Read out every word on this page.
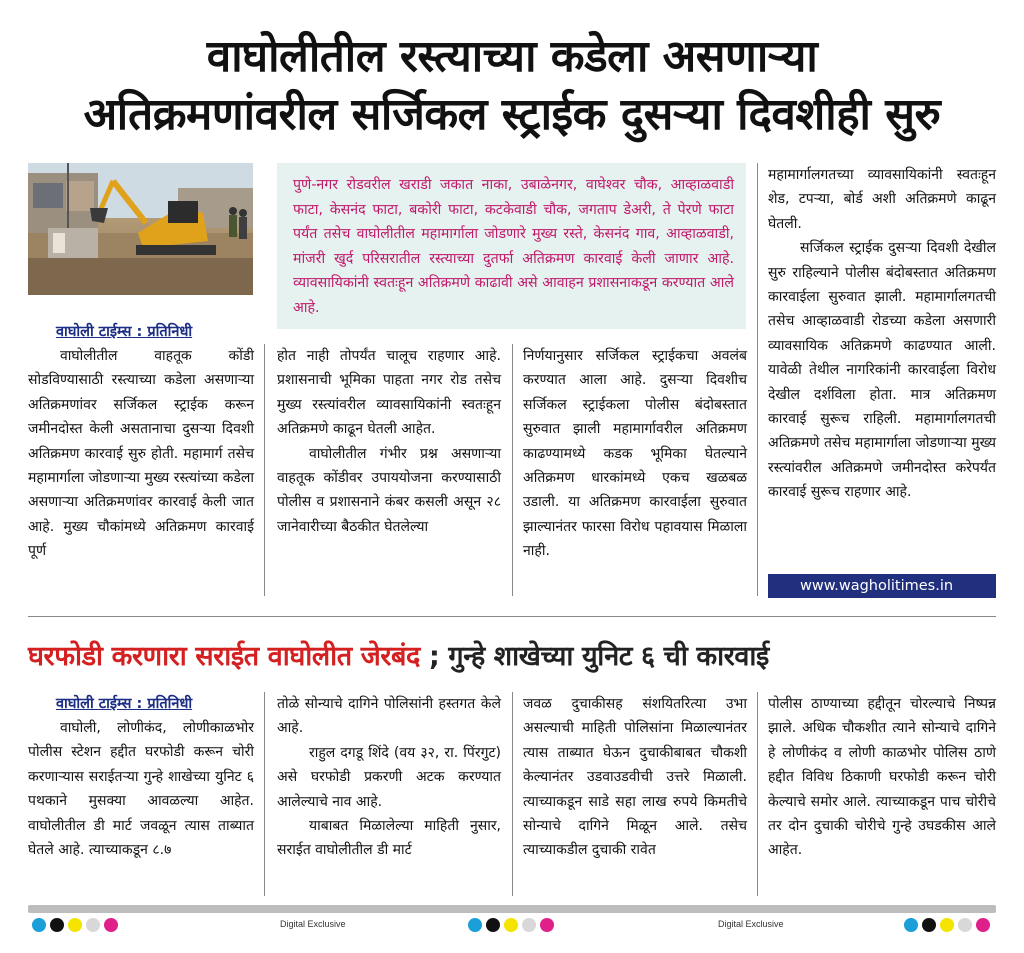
वाघोलीतील रस्त्याच्या कडेला असणाऱ्या
अतिक्रमणांवरील सर्जिकल स्ट्राईक दुसऱ्या दिवशीही सुरु

पुणे-नगर रोडवरील खराडी जकात नाका, उबाळेनगर, वाघेश्वर चौक, आव्हाळवाडी फाटा, केसनंद फाटा, बकोरी फाटा, कटकेवाडी चौक, जगताप डेअरी, ते पेरणे फाटा पर्यंत तसेच वाघोलीतील महामार्गाला जोडणारे मुख्य रस्ते, केसनंद गाव, आव्हाळवाडी, मांजरी खुर्द परिसरातील रस्त्याच्या दुतर्फा अतिक्रमण कारवाई केली जाणार आहे. व्यावसायिकांनी स्वतःहून अतिक्रमणे काढावी असे आवाहन प्रशासनाकडून करण्यात आले आहे.

वाघोली टाईम्स : प्रतिनिधी

वाघोलीतील वाहतूक कोंडी सोडविण्यासाठी रस्त्याच्या कडेला असणाऱ्या अतिक्रमणांवर सर्जिकल स्ट्राईक करून जमीनदोस्त केली असतानाचा दुसऱ्या दिवशी अतिक्रमण कारवाई सुरु होती. महामार्ग तसेच महामार्गाला जोडणाऱ्या मुख्य रस्त्यांच्या कडेला असणाऱ्या अतिक्रमणांवर कारवाई केली जात आहे. मुख्य चौकांमध्ये अतिक्रमण कारवाई पूर्ण

होत नाही तोपर्यंत चालूच राहणार आहे. प्रशासनाची भूमिका पाहता नगर रोड तसेच मुख्य रस्त्यांवरील व्यावसायिकांनी स्वतःहून अतिक्रमणे काढून घेतली आहेत.

वाघोलीतील गंभीर प्रश्न असणाऱ्या वाहतूक कोंडीवर उपाययोजना करण्यासाठी पोलीस व प्रशासनाने कंबर कसली असून २८ जानेवारीच्या बैठकीत घेतलेल्या

निर्णयानुसार सर्जिकल स्ट्राईकचा अवलंब करण्यात आला आहे. दुसऱ्या दिवशीच सर्जिकल स्ट्राईकला पोलीस बंदोबस्तात सुरुवात झाली महामार्गावरील अतिक्रमण काढण्यामध्ये कडक भूमिका घेतल्याने अतिक्रमण धारकांमध्ये एकच खळबळ उडाली. या अतिक्रमण कारवाईला सुरुवात झाल्यानंतर फारसा विरोध पहावयास मिळाला नाही.

महामार्गालगतच्या व्यावसायिकांनी स्वतःहून शेड, टपऱ्या, बोर्ड अशी अतिक्रमणे काढून घेतली.

सर्जिकल स्ट्राईक दुसऱ्या दिवशी देखील सुरु राहिल्याने पोलीस बंदोबस्तात अतिक्रमण कारवाईला सुरुवात झाली. महामार्गालगतची तसेच आव्हाळवाडी रोडच्या कडेला असणारी व्यावसायिक अतिक्रमणे काढण्यात आली. यावेळी तेथील नागरिकांनी कारवाईला विरोध देखील दर्शविला होता. मात्र अतिक्रमण कारवाई सुरूच राहिली. महामार्गालगतची अतिक्रमणे तसेच महामार्गाला जोडणाऱ्या मुख्य रस्त्यांवरील अतिक्रमणे जमीनदोस्त करेपर्यंत कारवाई सुरूच राहणार आहे.

www.wagholitimes.in
घरफोडी करणारा सराईत वाघोलीत जेरबंद ; गुन्हे शाखेच्या युनिट ६ ची कारवाई
वाघोली टाईम्स : प्रतिनिधी

वाघोली, लोणीकंद, लोणीकाळभोर पोलीस स्टेशन हद्दीत घरफोडी करून चोरी करणाऱ्यास सराईतऱ्या गुन्हे शाखेच्या युनिट ६ पथकाने मुसक्या आवळल्या आहेत. वाघोलीतील डी मार्ट जवळून त्यास ताब्यात घेतले आहे. त्याच्याकडून ८.७

तोळे सोन्याचे दागिने पोलिसांनी हस्तगत केले आहे.

राहुल दगडू शिंदे (वय ३२, रा. पिंरगुट) असे घरफोडी प्रकरणी अटक करण्यात आलेल्याचे नाव आहे.

याबाबत मिळालेल्या माहिती नुसार, सराईत वाघोलीतील डी मार्ट

जवळ दुचाकीसह संशयितरित्या उभा असल्याची माहिती पोलिसांना मिळाल्यानंतर त्यास ताब्यात घेऊन दुचाकीबाबत चौकशी केल्यानंतर उडवाउडवीची उत्तरे मिळाली. त्याच्याकडून साडे सहा लाख रुपये किमतीचे सोन्याचे दागिने मिळून आले. तसेच त्याच्याकडील दुचाकी रावेत

पोलीस ठाण्याच्या हद्दीतून चोरल्याचे निष्पन्न झाले. अधिक चौकशीत त्याने सोन्याचे दागिने हे लोणीकंद व लोणी काळभोर पोलिस ठाणे हद्दीत विविध ठिकाणी घरफोडी करून चोरी केल्याचे समोर आले. त्याच्याकडून पाच चोरीचे तर दोन दुचाकी चोरीचे गुन्हे उघडकीस आले आहेत.

Digital Exclusive	Digital Exclusive
